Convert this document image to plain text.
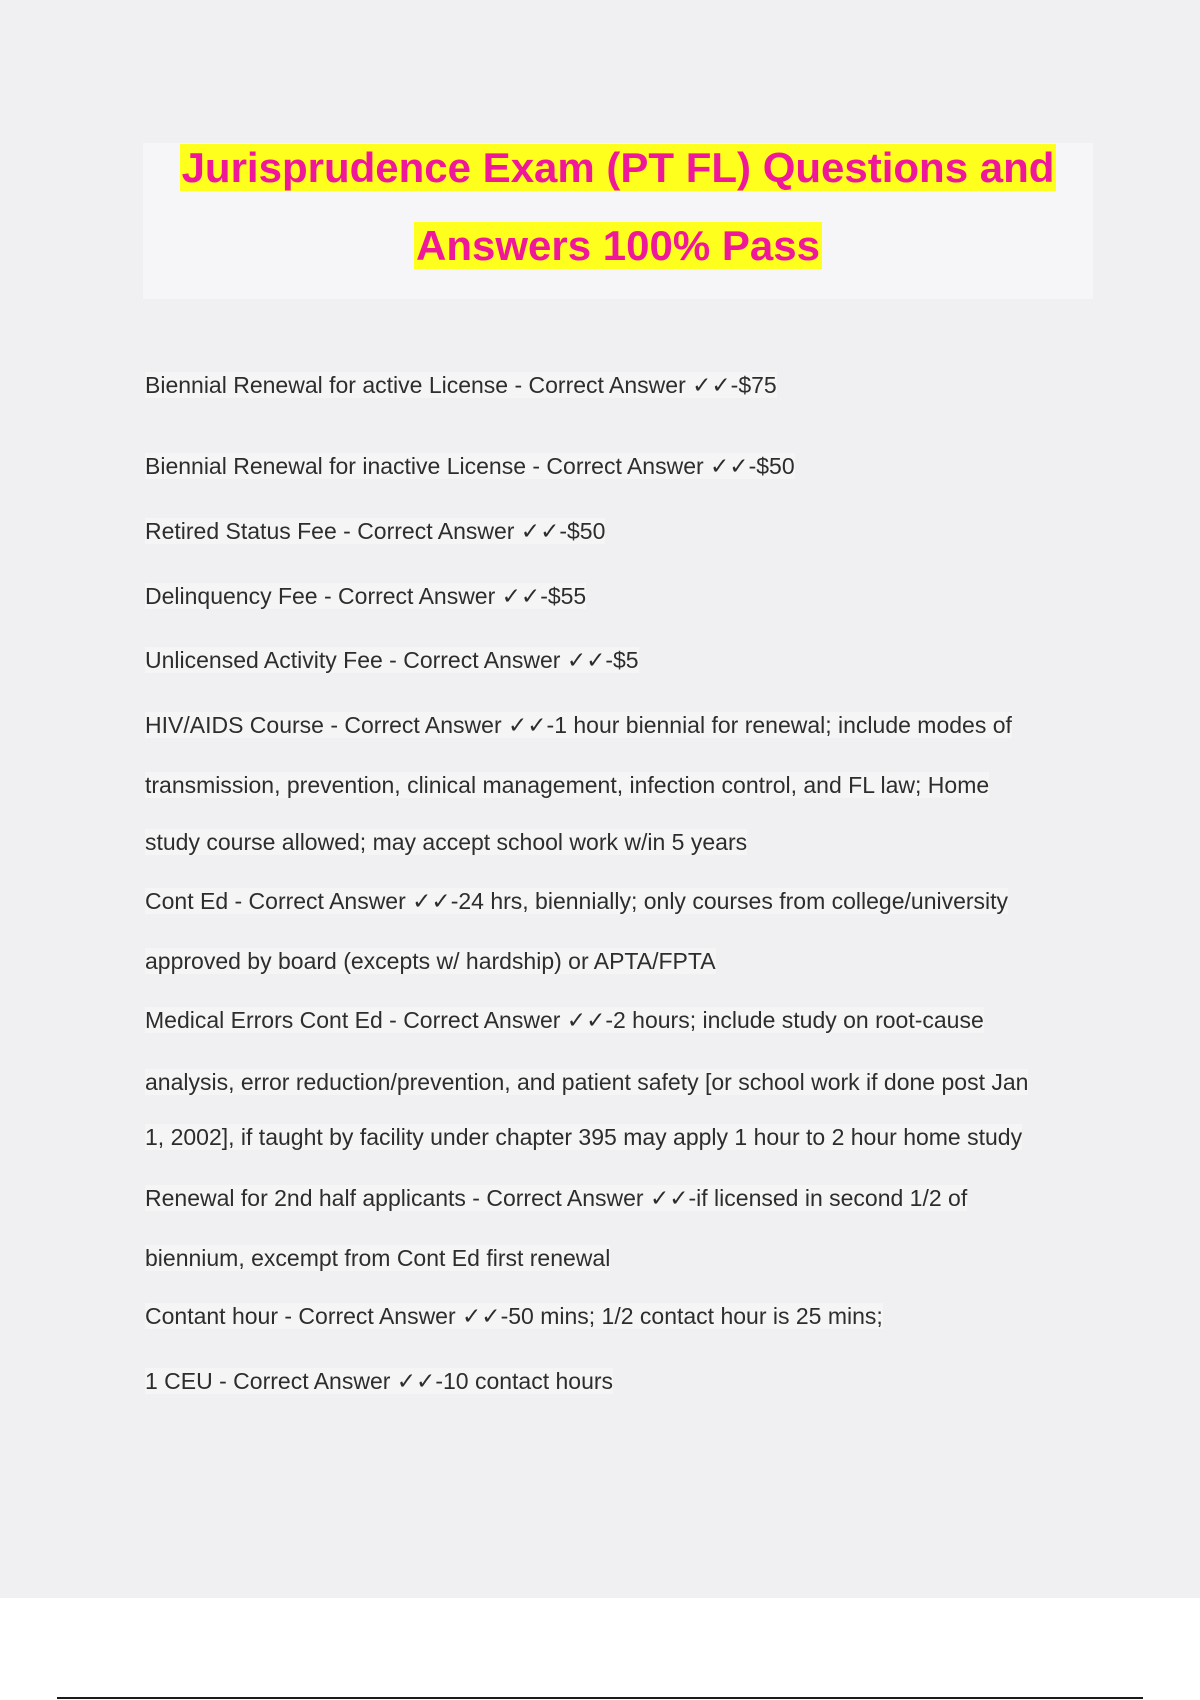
Jurisprudence Exam (PT FL) Questions and
Answers 100% Pass
Biennial Renewal for active License - Correct Answer ✓✓-$75
Biennial Renewal for inactive License - Correct Answer ✓✓-$50
Retired Status Fee - Correct Answer ✓✓-$50
Delinquency Fee - Correct Answer ✓✓-$55
Unlicensed Activity Fee - Correct Answer ✓✓-$5
HIV/AIDS Course - Correct Answer ✓✓-1 hour biennial for renewal; include modes of
transmission, prevention, clinical management, infection control, and FL law; Home
study course allowed; may accept school work w/in 5 years
Cont Ed - Correct Answer ✓✓-24 hrs, biennially; only courses from college/university
approved by board (excepts w/ hardship) or APTA/FPTA
Medical Errors Cont Ed - Correct Answer ✓✓-2 hours; include study on root-cause
analysis, error reduction/prevention, and patient safety [or school work if done post Jan
1, 2002], if taught by facility under chapter 395 may apply 1 hour to 2 hour home study
Renewal for 2nd half applicants - Correct Answer ✓✓-if licensed in second 1/2 of
biennium, excempt from Cont Ed first renewal
Contant hour - Correct Answer ✓✓-50 mins; 1/2 contact hour is 25 mins;
1 CEU - Correct Answer ✓✓-10 contact hours
